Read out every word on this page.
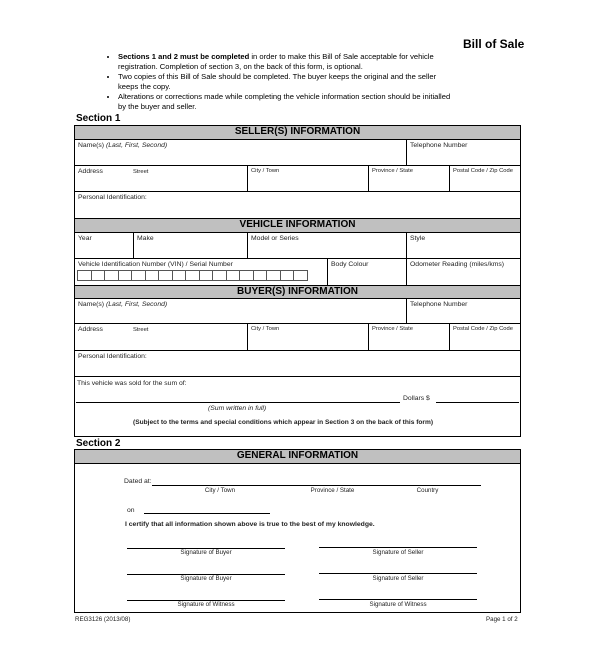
Bill of Sale
• Sections 1 and 2 must be completed in order to make this Bill of Sale acceptable for vehicle registration. Completion of section 3, on the back of this form, is optional.
• Two copies of this Bill of Sale should be completed. The buyer keeps the original and the seller keeps the copy.
• Alterations or corrections made while completing the vehicle information section should be initialled by the buyer and seller.
Section 1
SELLER(S) INFORMATION
Name(s) (Last, First, Second)	Telephone Number
Address	Street	City / Town	Province / State	Postal Code / Zip Code
Personal Identification:
VEHICLE INFORMATION
Year	Make	Model or Series	Style
Vehicle Identification Number (VIN) / Serial Number	Body Colour	Odometer Reading (miles/kms)
BUYER(S) INFORMATION
Name(s) (Last, First, Second)	Telephone Number
Address	Street	City / Town	Province / State	Postal Code / Zip Code
Personal Identification:
This vehicle was sold for the sum of:
Dollars $
(Sum written in full)
(Subject to the terms and special conditions which appear in Section 3 on the back of this form)
Section 2
GENERAL INFORMATION
Dated at:
City / Town	Province / State	Country
on
I certify that all information shown above is true to the best of my knowledge.
Signature of Buyer	Signature of Seller
Signature of Buyer	Signature of Seller
Signature of Witness	Signature of Witness
REG3126 (2013/08)	Page 1 of 2
